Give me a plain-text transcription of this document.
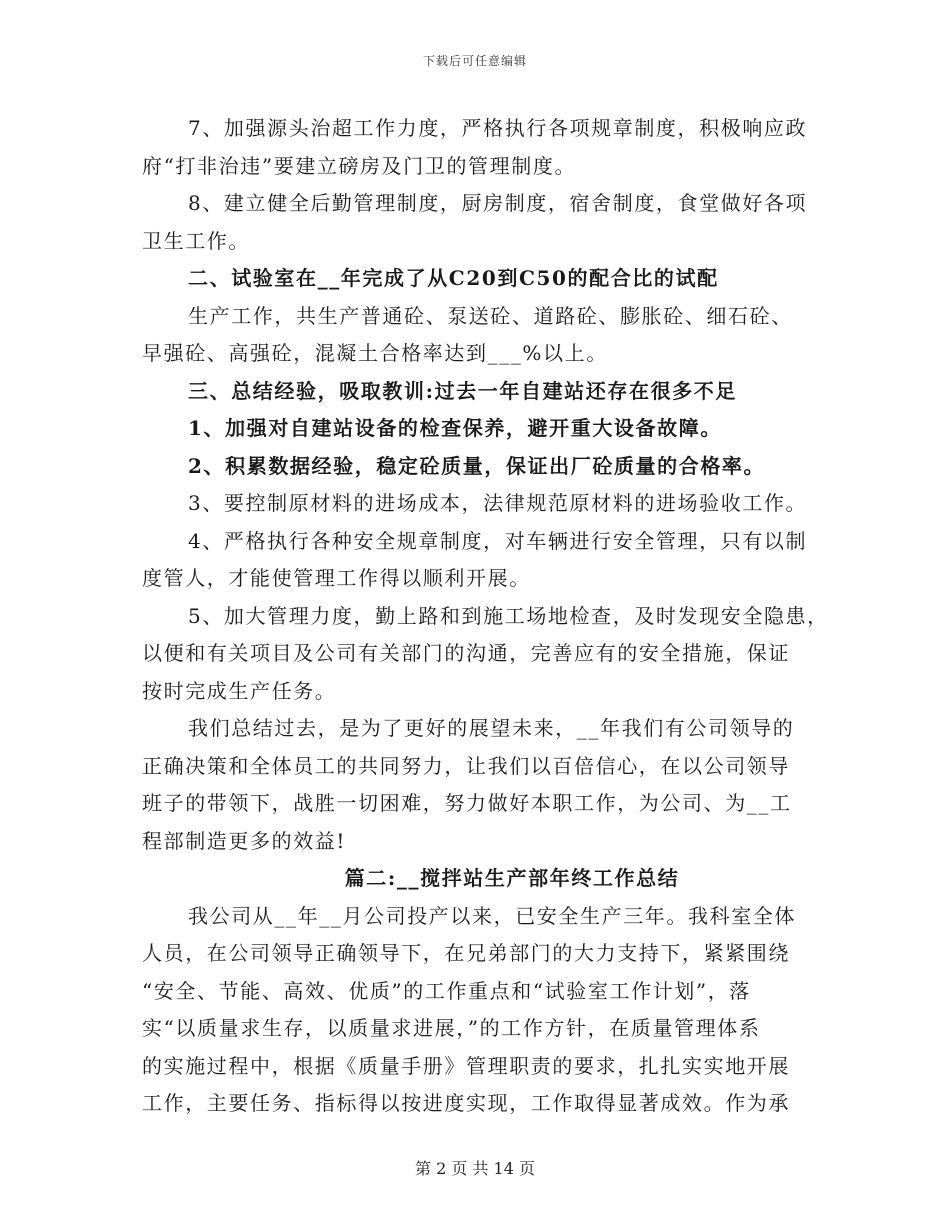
下载后可任意编辑
7、加强源头治超工作力度，严格执行各项规章制度，积极响应政
府“打非治违”要建立磅房及门卫的管理制度。
8、建立健全后勤管理制度，厨房制度，宿舍制度，食堂做好各项
卫生工作。
二、试验室在__年完成了从C20到C50的配合比的试配
生产工作，共生产普通砼、泵送砼、道路砼、膨胀砼、细石砼、
早强砼、高强砼，混凝土合格率达到___%以上。
三、总结经验，吸取教训:过去一年自建站还存在很多不足
1、加强对自建站设备的检查保养，避开重大设备故障。
2、积累数据经验，稳定砼质量，保证出厂砼质量的合格率。
3、要控制原材料的进场成本，法律规范原材料的进场验收工作。
4、严格执行各种安全规章制度，对车辆进行安全管理，只有以制
度管人，才能使管理工作得以顺利开展。
5、加大管理力度，勤上路和到施工场地检查，及时发现安全隐患，
以便和有关项目及公司有关部门的沟通，完善应有的安全措施，保证
按时完成生产任务。
我们总结过去，是为了更好的展望未来，__年我们有公司领导的
正确决策和全体员工的共同努力，让我们以百倍信心，在以公司领导
班子的带领下，战胜一切困难，努力做好本职工作，为公司、为__工
程部制造更多的效益!
篇二:__搅拌站生产部年终工作总结
我公司从__年__月公司投产以来，已安全生产三年。我科室全体
人员，在公司领导正确领导下，在兄弟部门的大力支持下，紧紧围绕
“安全、节能、高效、优质”的工作重点和“试验室工作计划”，落
实“以质量求生存，以质量求进展，”的工作方针，在质量管理体系
的实施过程中，根据《质量手册》管理职责的要求，扎扎实实地开展
工作，主要任务、指标得以按进度实现，工作取得显著成效。作为承
第 2 页 共 14 页
